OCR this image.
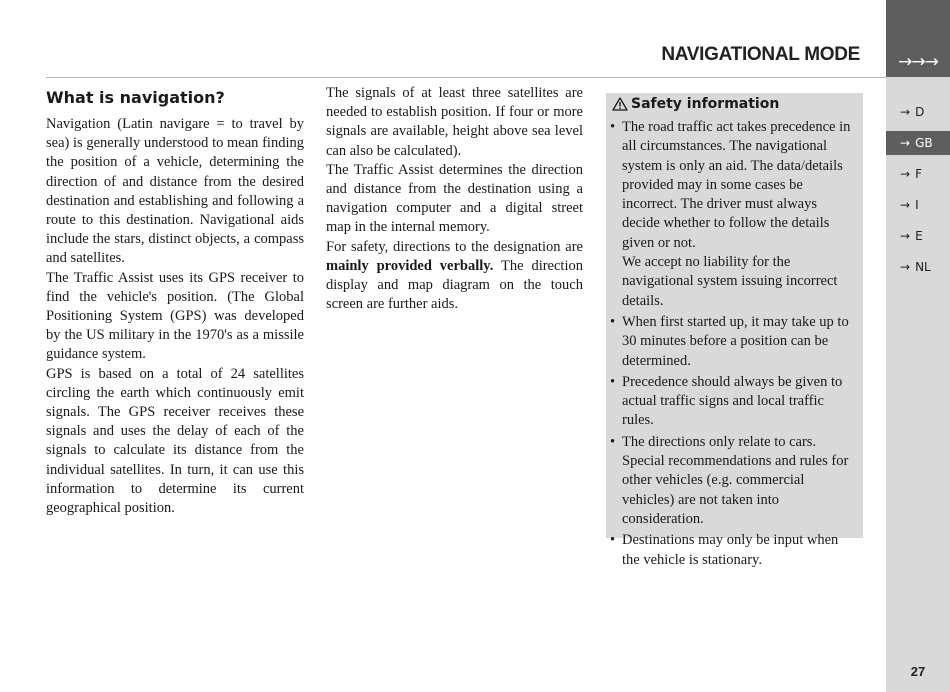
→→→
NAVIGATIONAL MODE
→ D
→ GB
→ F
→ I
→ E
→ NL
What is navigation?

Navigation (Latin navigare = to travel by sea) is generally understood to mean finding the position of a vehicle, determining the direction of and distance from the desired destination and establishing and following a route to this destination. Navigational aids include the stars, distinct objects, a compass and satellites.

The Traffic Assist uses its GPS receiver to find the vehicle's position. (The Global Positioning System (GPS) was developed by the US military in the 1970's as a missile guidance system.

GPS is based on a total of 24 satellites circling the earth which continuously emit signals. The GPS receiver receives these signals and uses the delay of each of the signals to calculate its distance from the individual satellites. In turn, it can use this information to determine its current geographical position.

The signals of at least three satellites are needed to establish position. If four or more signals are available, height above sea level can also be calculated).

The Traffic Assist determines the direction and distance from the destination using a navigation computer and a digital street map in the internal memory.

For safety, directions to the designation are mainly provided verbally. The direction display and map diagram on the touch screen are further aids.

Safety information
• The road traffic act takes precedence in all circumstances. The navigational system is only an aid. The data/details provided may in some cases be incorrect. The driver must always decide whether to follow the details given or not.
We accept no liability for the navigational system issuing incorrect details.
• When first started up, it may take up to 30 minutes before a position can be determined.
• Precedence should always be given to actual traffic signs and local traffic rules.
• The directions only relate to cars. Special recommendations and rules for other vehicles (e.g. commercial vehicles) are not taken into consideration.
• Destinations may only be input when the vehicle is stationary.
27
